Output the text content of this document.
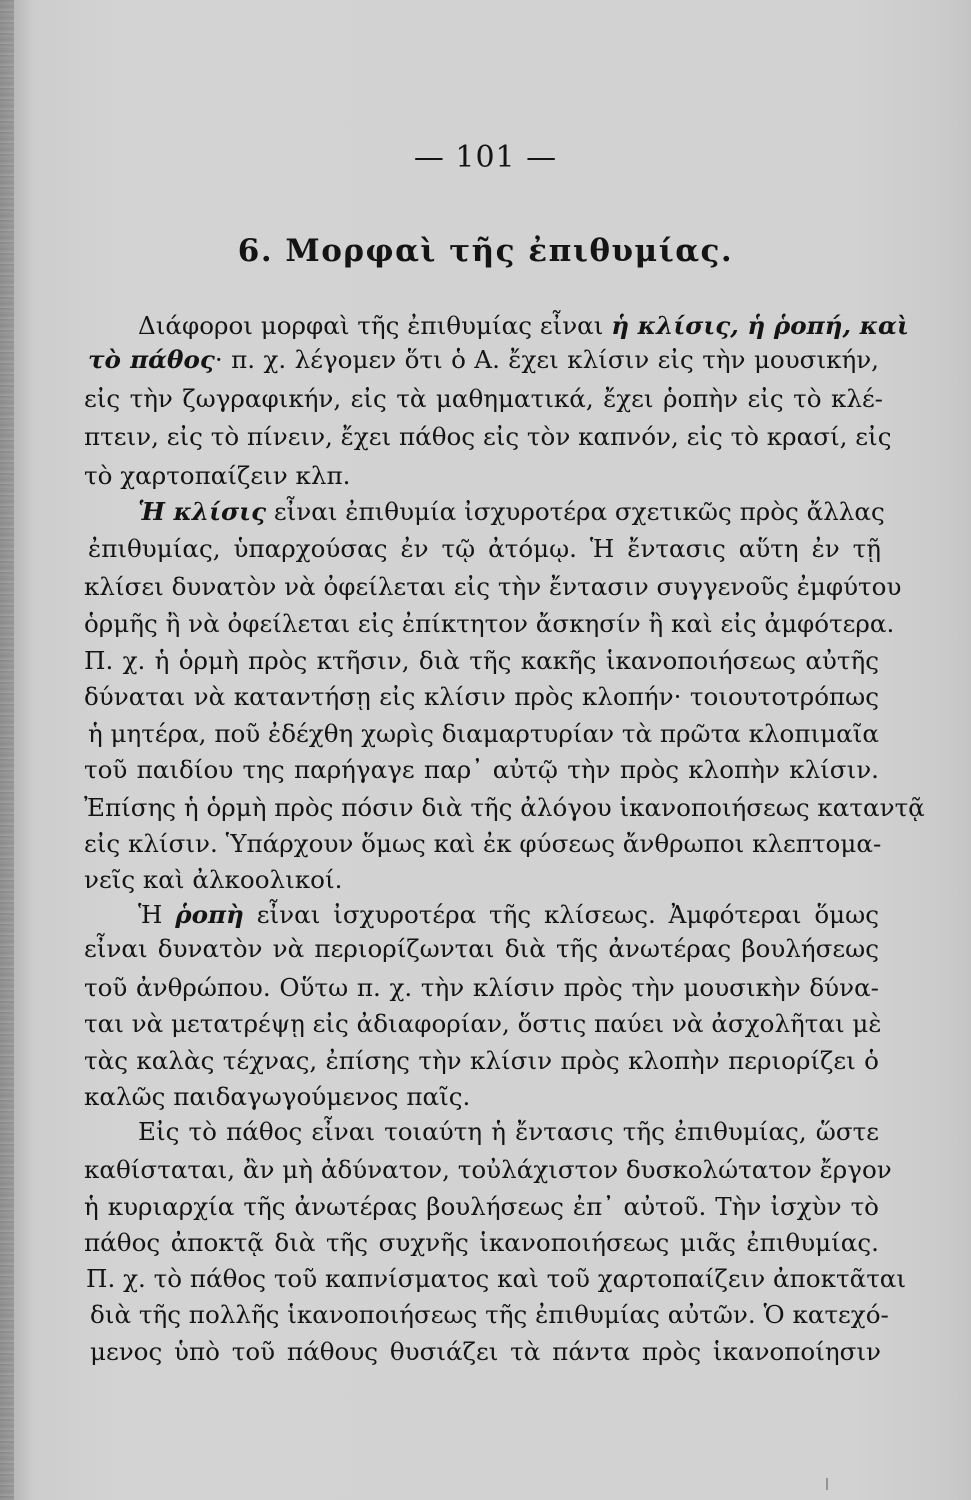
— 101 —
6. Μορφαὶ τῆς ἐπιθυμίας.
Διάφοροι μορφαὶ τῆς ἐπιθυμίας εἶναι ἡ κλίσις, ἡ ῥοπή, καὶ
τὸ πάθος· π. χ. λέγομεν ὅτι ὁ Α. ἔχει κλίσιν εἰς τὴν μουσικήν,
εἰς τὴν ζωγραφικήν, εἰς τὰ μαθηματικά, ἔχει ῥοπὴν εἰς τὸ κλέ-
πτειν, εἰς τὸ πίνειν, ἔχει πάθος εἰς τὸν καπνόν, εἰς τὸ κρασί, εἰς
τὸ χαρτοπαίζειν κλπ.
Ἡ κλίσις εἶναι ἐπιθυμία ἰσχυροτέρα σχετικῶς πρὸς ἄλλας
ἐπιθυμίας, ὑπαρχούσας ἐν τῷ ἀτόμῳ. Ἡ ἔντασις αὕτη ἐν τῇ
κλίσει δυνατὸν νὰ ὀφείλεται εἰς τὴν ἔντασιν συγγενοῦς ἐμφύτου
ὁρμῆς ἢ νὰ ὀφείλεται εἰς ἐπίκτητον ἄσκησίν ἢ καὶ εἰς ἀμφότερα.
Π. χ. ἡ ὁρμὴ πρὸς κτῆσιν, διὰ τῆς κακῆς ἱκανοποιήσεως αὐτῆς
δύναται νὰ καταντήσῃ εἰς κλίσιν πρὸς κλοπήν· τοιουτοτρόπως
ἡ μητέρα, ποῦ ἐδέχθη χωρὶς διαμαρτυρίαν τὰ πρῶτα κλοπιμαῖα
τοῦ παιδίου της παρήγαγε παρ᾽ αὐτῷ τὴν πρὸς κλοπὴν κλίσιν.
Ἐπίσης ἡ ὁρμὴ πρὸς πόσιν διὰ τῆς ἀλόγου ἱκανοποιήσεως καταντᾷ
εἰς κλίσιν. Ὑπάρχουν ὅμως καὶ ἐκ φύσεως ἄνθρωποι κλεπτομα-
νεῖς καὶ ἀλκοολικοί.
Ἡ ῥοπὴ εἶναι ἰσχυροτέρα τῆς κλίσεως. Ἀμφότεραι ὅμως
εἶναι δυνατὸν νὰ περιορίζωνται διὰ τῆς ἀνωτέρας βουλήσεως
τοῦ ἀνθρώπου. Οὕτω π. χ. τὴν κλίσιν πρὸς τὴν μουσικὴν δύνα-
ται νὰ μετατρέψῃ εἰς ἀδιαφορίαν, ὅστις παύει νὰ ἀσχολῆται μὲ
τὰς καλὰς τέχνας, ἐπίσης τὴν κλίσιν πρὸς κλοπὴν περιορίζει ὁ
καλῶς παιδαγωγούμενος παῖς.
Εἰς τὸ πάθος εἶναι τοιαύτη ἡ ἔντασις τῆς ἐπιθυμίας, ὥστε
καθίσταται, ἂν μὴ ἀδύνατον, τοὐλάχιστον δυσκολώτατον ἔργον
ἡ κυριαρχία τῆς ἀνωτέρας βουλήσεως ἐπ᾽ αὐτοῦ. Τὴν ἰσχὺν τὸ
πάθος ἀποκτᾷ διὰ τῆς συχνῆς ἱκανοποιήσεως μιᾶς ἐπιθυμίας.
Π. χ. τὸ πάθος τοῦ καπνίσματος καὶ τοῦ χαρτοπαίζειν ἀποκτᾶται
διὰ τῆς πολλῆς ἱκανοποιήσεως τῆς ἐπιθυμίας αὐτῶν. Ὁ κατεχό-
μενος ὑπὸ τοῦ πάθους θυσιάζει τὰ πάντα πρὸς ἱκανοποίησιν
